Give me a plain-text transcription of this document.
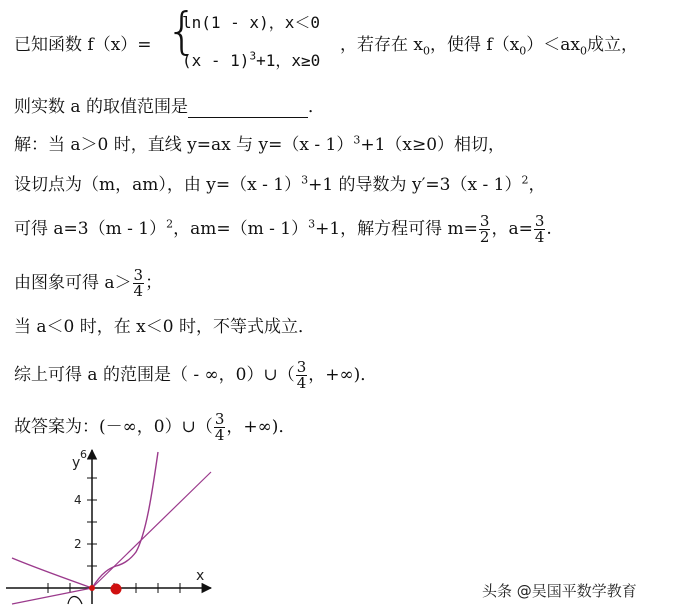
已知函数 f（x）= {
ln(1 - x)，x＜0
(x - 1)$^3$+1，x≥0
，若存在 $x_0$，使得 $f(x_0)<ax_0$成立，
则实数 a 的取值范围是	．
解：当 a＞0 时，直线 y=ax 与 y=（x - 1）$^3$+1（x≥0）相切，
设切点为（m，am），由 y=（x - 1）$^3$+1 的导数为 y′=3（x - 1）$^2$，
可得 a=3（m - 1）$^2$，am=（m - 1）$^3$+1，解方程可得 $m= \frac{3}{2}$ ，$a= \frac{3}{4}$ .
由图象可得 $a> \frac{3}{4}$ ；
当 a＜0 时，在 x＜0 时，不等式成立．
综上可得 a 的范围是（ - ∞，0）∪（ $\frac{3}{4}$ ，+∞)．
故答案为：(－∞，0）∪（ $\frac{3}{4}$ ，+∞)．
4
2
y
6
x
头条 @吴国平数学教育
